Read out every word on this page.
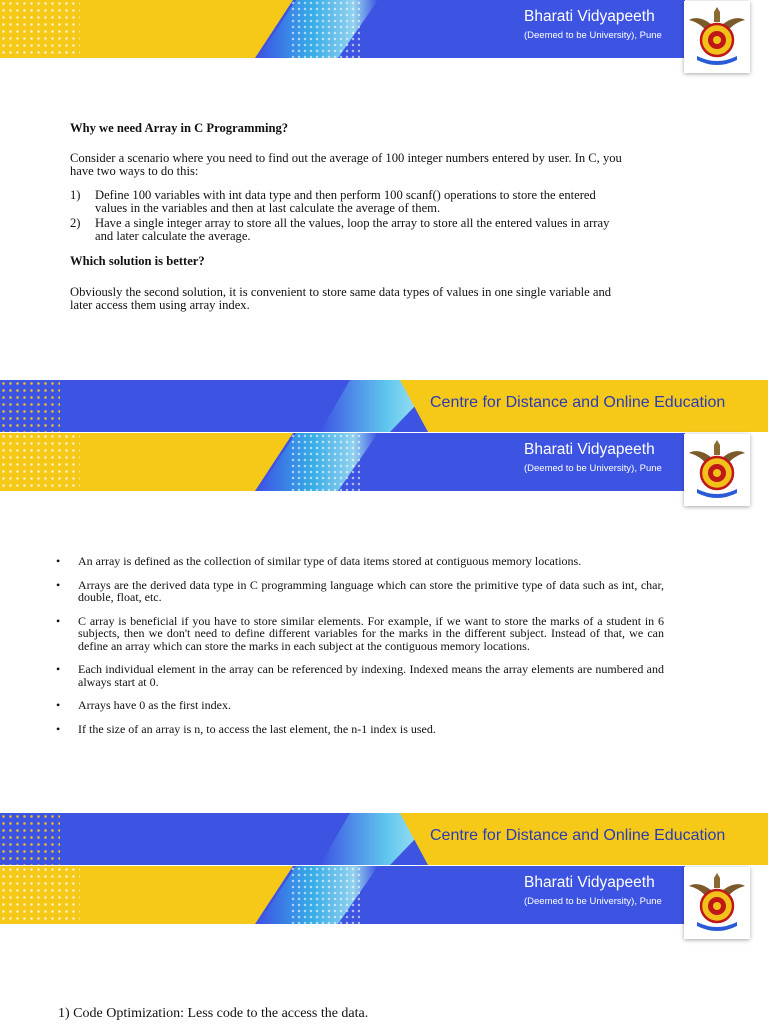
Bharati Vidyapeeth
(Deemed to be University), Pune
Why we need Array in C Programming?

Consider a scenario where you need to find out the average of 100 integer numbers entered by user. In C, you have two ways to do this:

1) Define 100 variables with int data type and then perform 100 scanf() operations to store the entered values in the variables and then at last calculate the average of them.
2) Have a single integer array to store all the values, loop the array to store all the entered values in array and later calculate the average.
Which solution is better?

Obviously the second solution, it is convenient to store same data types of values in one single variable and later access them using array index.

Centre for Distance and Online Education
Bharati Vidyapeeth
(Deemed to be University), Pune
• An array is defined as the collection of similar type of data items stored at contiguous memory locations.
• Arrays are the derived data type in C programming language which can store the primitive type of data such as int, char, double, float, etc.
• C array is beneficial if you have to store similar elements. For example, if we want to store the marks of a student in 6 subjects, then we don't need to define different variables for the marks in the different subject. Instead of that, we can define an array which can store the marks in each subject at the contiguous memory locations.
• Each individual element in the array can be referenced by indexing. Indexed means the array elements are numbered and always start at 0.
• Arrays have 0 as the first index.
• If the size of an array is n, to access the last element, the n-1 index is used.
Centre for Distance and Online Education
Bharati Vidyapeeth
(Deemed to be University), Pune
1) Code Optimization: Less code to the access the data.
